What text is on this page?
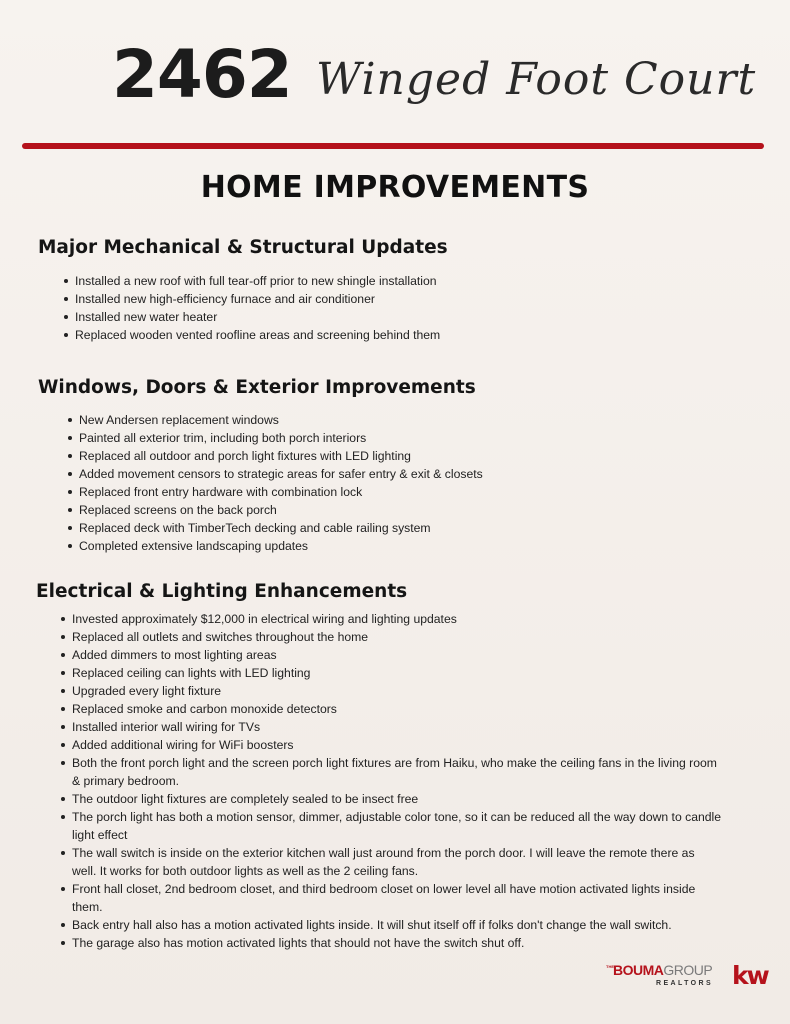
2462 Winged Foot Court
HOME IMPROVEMENTS
Major Mechanical & Structural Updates
Installed a new roof with full tear-off prior to new shingle installation
Installed new high-efficiency furnace and air conditioner
Installed new water heater
Replaced wooden vented roofline areas and screening behind them
Windows, Doors & Exterior Improvements
New Andersen replacement windows
Painted all exterior trim, including both porch interiors
Replaced all outdoor and porch light fixtures with LED lighting
Added movement censors to strategic areas for safer entry & exit & closets
Replaced front entry hardware with combination lock
Replaced screens on the back porch
Replaced deck with TimberTech decking and cable railing system
Completed extensive landscaping updates
Electrical & Lighting Enhancements
Invested approximately $12,000 in electrical wiring and lighting updates
Replaced all outlets and switches throughout the home
Added dimmers to most lighting areas
Replaced ceiling can lights with LED lighting
Upgraded every light fixture
Replaced smoke and carbon monoxide detectors
Installed interior wall wiring for TVs
Added additional wiring for WiFi boosters
Both the front porch light and the screen porch light fixtures are from Haiku, who make the ceiling fans in the living room & primary bedroom.
The outdoor light fixtures are completely sealed to be insect free
The porch light has both a motion sensor, dimmer, adjustable color tone, so it can be reduced all the way down to candle light effect
The wall switch is inside on the exterior kitchen wall just around from the porch door. I will leave the remote there as well. It works for both outdoor lights as well as the 2 ceiling fans.
Front hall closet, 2nd bedroom closet, and third bedroom closet on lower level all have motion activated lights inside them.
Back entry hall also has a motion activated lights inside. It will shut itself off if folks don't change the wall switch.
The garage also has motion activated lights that should not have the switch shut off.
THE BOUMAGROUP
REALTORS kw
